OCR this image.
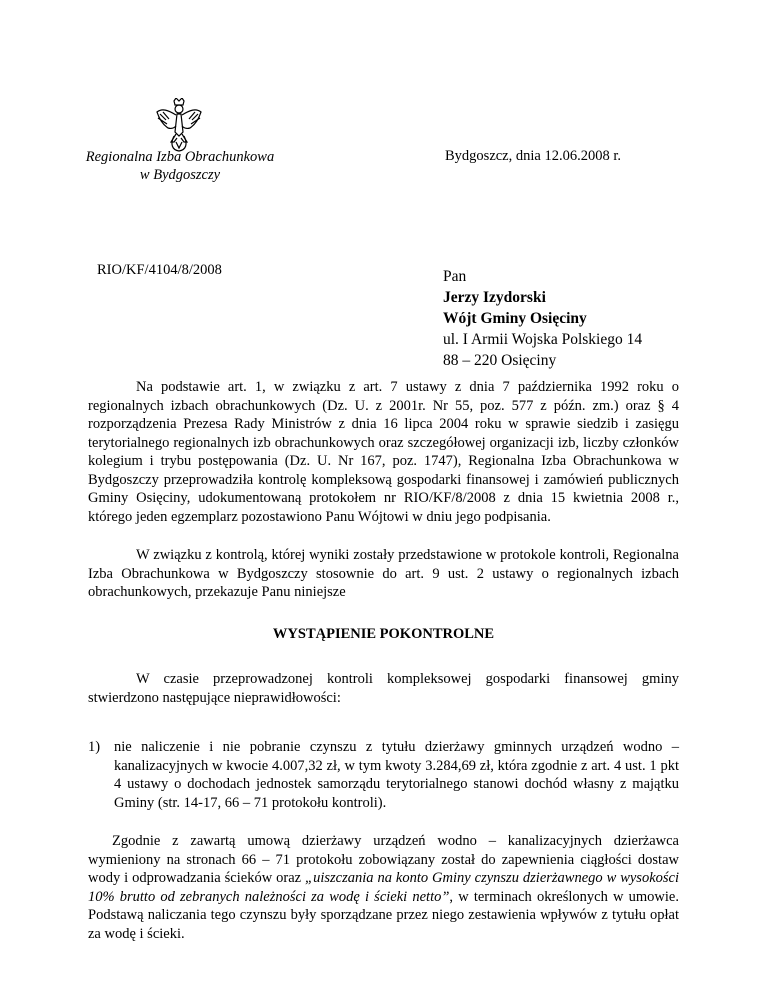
Regionalna Izba Obrachunkowa
w Bydgoszczy
Bydgoszcz, dnia 12.06.2008 r.
RIO/KF/4104/8/2008	Pan
Jerzy Izydorski
Wójt Gminy Osięciny
ul. I Armii Wojska Polskiego 14
88 – 220 Osięciny
Na podstawie art. 1, w związku z art. 7 ustawy z dnia 7 października 1992 roku o regionalnych izbach obrachunkowych (Dz. U. z 2001r. Nr 55, poz. 577 z późn. zm.) oraz § 4 rozporządzenia Prezesa Rady Ministrów z dnia 16 lipca 2004 roku w sprawie siedzib i zasięgu terytorialnego regionalnych izb obrachunkowych oraz szczegółowej organizacji izb, liczby członków kolegium i trybu postępowania (Dz. U. Nr 167, poz. 1747), Regionalna Izba Obrachunkowa w Bydgoszczy przeprowadziła kontrolę kompleksową gospodarki finansowej i zamówień publicznych Gminy Osięciny, udokumentowaną protokołem nr RIO/KF/8/2008 z dnia 15 kwietnia 2008 r., którego jeden egzemplarz pozostawiono Panu Wójtowi w dniu jego podpisania.
W związku z kontrolą, której wyniki zostały przedstawione w protokole kontroli, Regionalna Izba Obrachunkowa w Bydgoszczy stosownie do art. 9 ust. 2 ustawy o regionalnych izbach obrachunkowych, przekazuje Panu niniejsze
WYSTĄPIENIE POKONTROLNE
W czasie przeprowadzonej kontroli kompleksowej gospodarki finansowej gminy stwierdzono następujące nieprawidłowości:
1) nie naliczenie i nie pobranie czynszu z tytułu dzierżawy gminnych urządzeń wodno – kanalizacyjnych w kwocie 4.007,32 zł, w tym kwoty 3.284,69 zł, która zgodnie z art. 4 ust. 1 pkt 4 ustawy o dochodach jednostek samorządu terytorialnego stanowi dochód własny z majątku Gminy (str. 14-17, 66 – 71 protokołu kontroli).
Zgodnie z zawartą umową dzierżawy urządzeń wodno – kanalizacyjnych dzierżawca wymieniony na stronach 66 – 71 protokołu zobowiązany został do zapewnienia ciągłości dostaw wody i odprowadzania ścieków oraz „uiszczania na konto Gminy czynszu dzierżawnego w wysokości 10% brutto od zebranych należności za wodę i ścieki netto”, w terminach określonych w umowie. Podstawą naliczania tego czynszu były sporządzane przez niego zestawienia wpływów z tytułu opłat za wodę i ścieki.
